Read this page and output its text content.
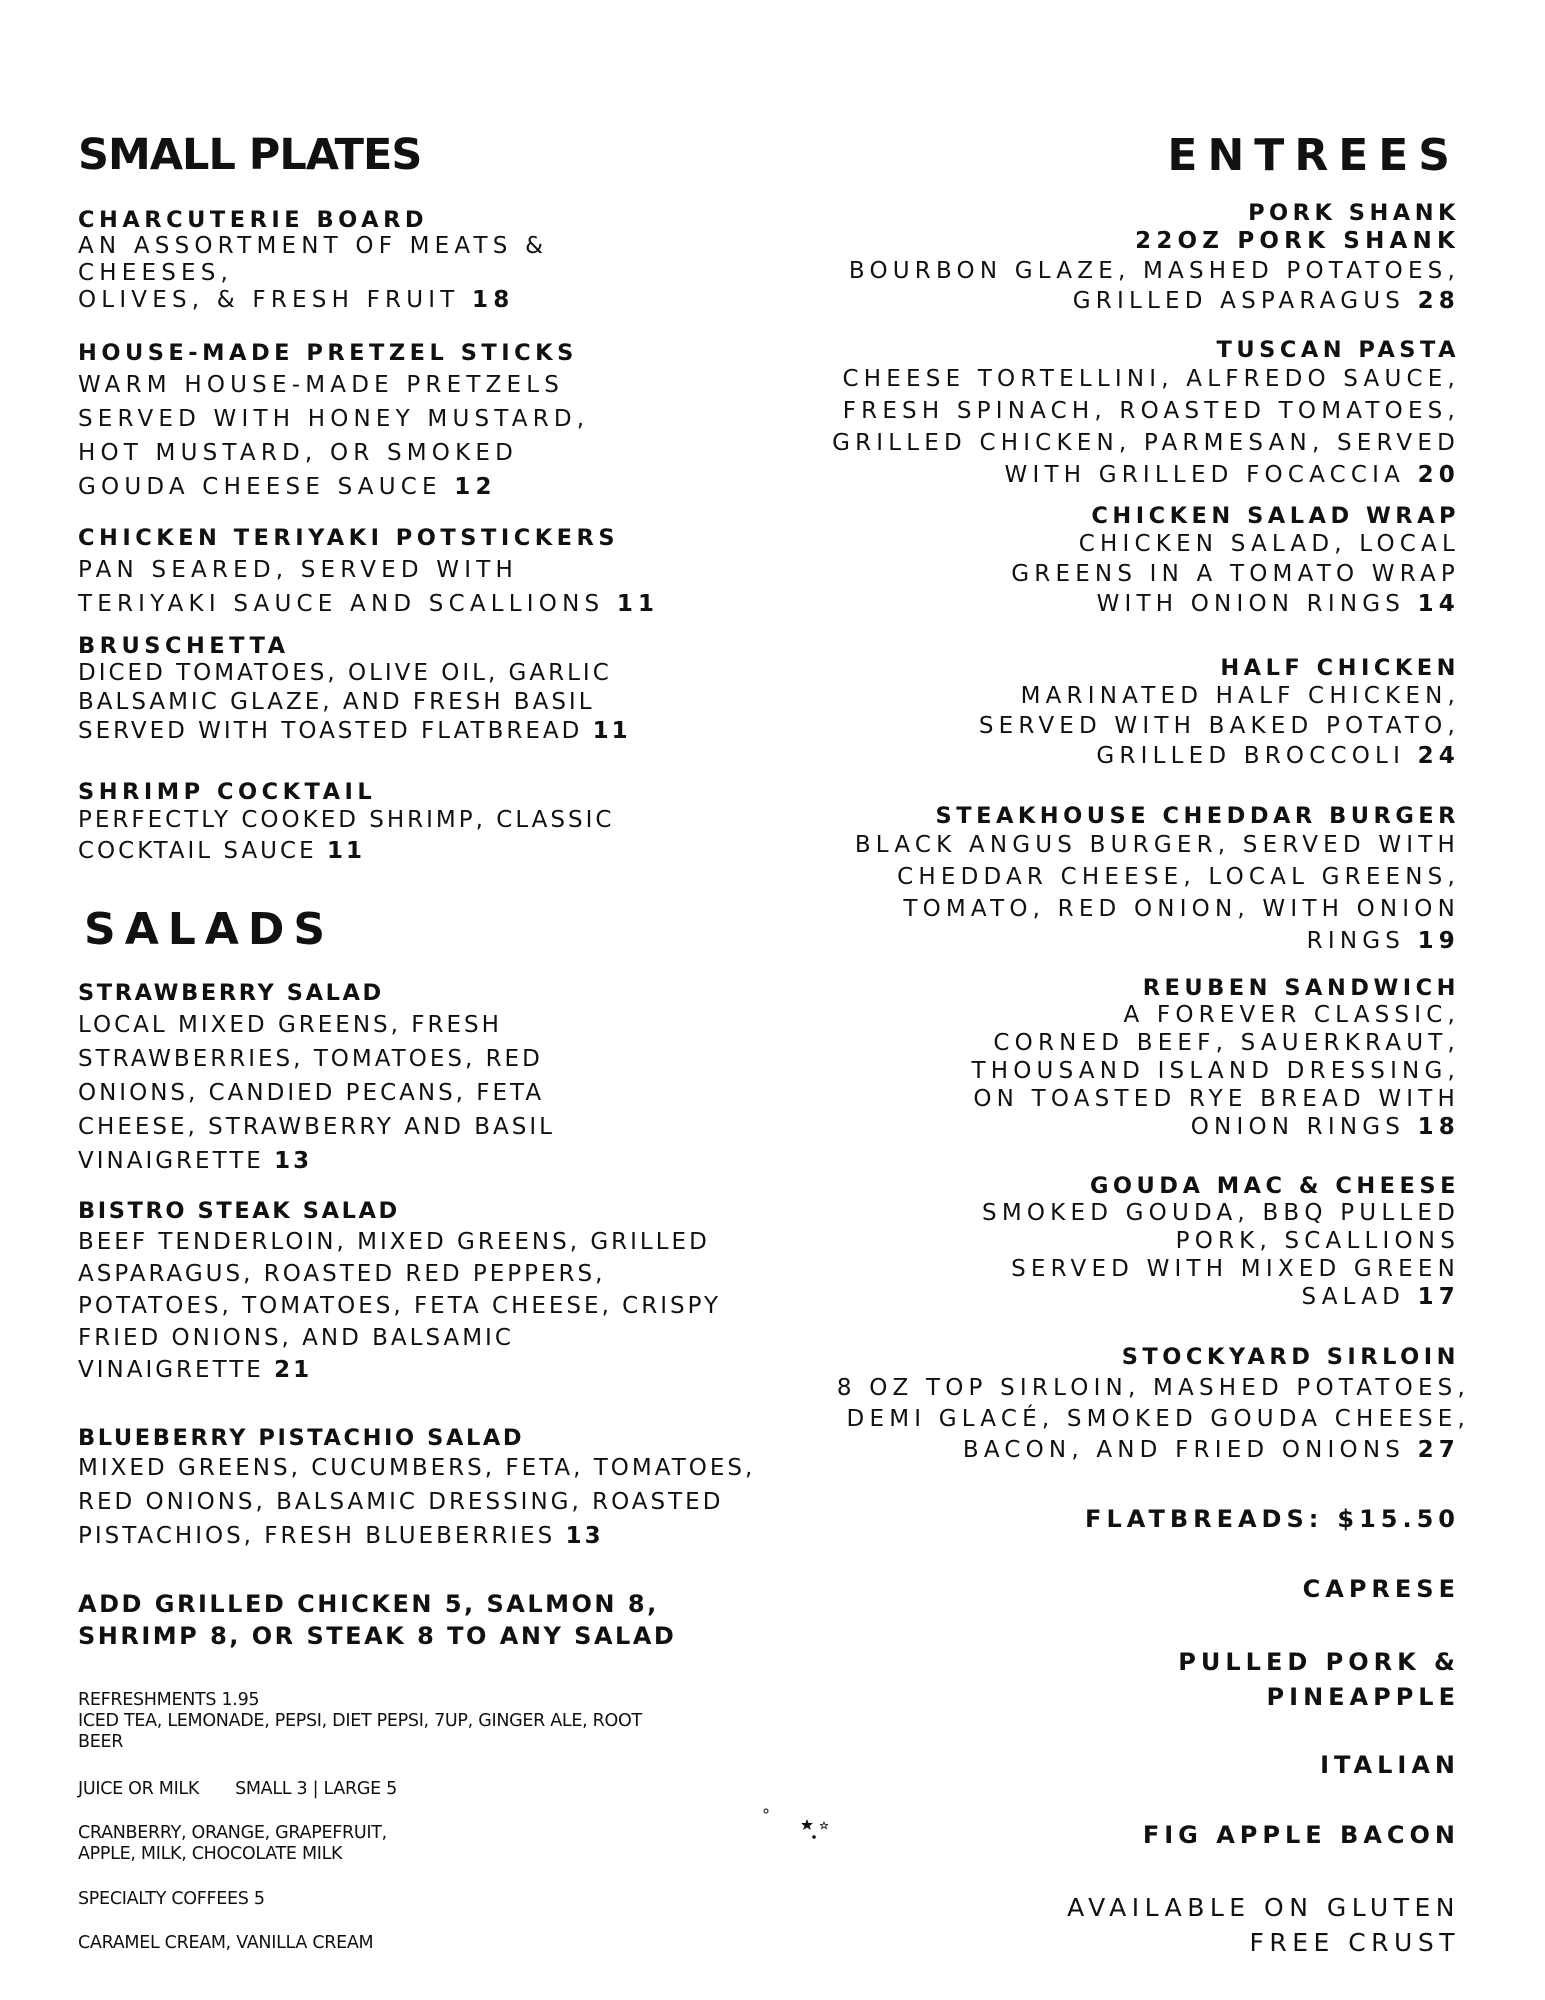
SMALL PLATES
CHARCUTERIE BOARD
AN ASSORTMENT OF MEATS &
CHEESES,
OLIVES, & FRESH FRUIT 18
HOUSE-MADE PRETZEL STICKS
WARM HOUSE-MADE PRETZELS
SERVED WITH HONEY MUSTARD,
HOT MUSTARD, OR SMOKED
GOUDA CHEESE SAUCE 12
CHICKEN TERIYAKI POTSTICKERS
PAN SEARED, SERVED WITH
TERIYAKI SAUCE AND SCALLIONS 11
BRUSCHETTA
DICED TOMATOES, OLIVE OIL, GARLIC
BALSAMIC GLAZE, AND FRESH BASIL
SERVED WITH TOASTED FLATBREAD 11
SHRIMP COCKTAIL
PERFECTLY COOKED SHRIMP, CLASSIC
COCKTAIL SAUCE 11
SALADS
STRAWBERRY SALAD
LOCAL MIXED GREENS, FRESH
STRAWBERRIES, TOMATOES, RED
ONIONS, CANDIED PECANS, FETA
CHEESE, STRAWBERRY AND BASIL
VINAIGRETTE 13
BISTRO STEAK SALAD
BEEF TENDERLOIN, MIXED GREENS, GRILLED
ASPARAGUS, ROASTED RED PEPPERS,
POTATOES, TOMATOES, FETA CHEESE, CRISPY
FRIED ONIONS, AND BALSAMIC
VINAIGRETTE 21
BLUEBERRY PISTACHIO SALAD
MIXED GREENS, CUCUMBERS, FETA, TOMATOES,
RED ONIONS, BALSAMIC DRESSING, ROASTED
PISTACHIOS, FRESH BLUEBERRIES 13
ADD GRILLED CHICKEN 5, SALMON 8,
SHRIMP 8, OR STEAK 8 TO ANY SALAD
REFRESHMENTS 1.95
ICED TEA, LEMONADE, PEPSI, DIET PEPSI, 7UP, GINGER ALE, ROOT
BEER
JUICE OR MILK SMALL 3 | LARGE 5
CRANBERRY, ORANGE, GRAPEFRUIT,
APPLE, MILK, CHOCOLATE MILK
SPECIALTY COFFEES 5
CARAMEL CREAM, VANILLA CREAM
ENTREES
PORK SHANK
22OZ PORK SHANK
BOURBON GLAZE, MASHED POTATOES,
GRILLED ASPARAGUS 28
TUSCAN PASTA
CHEESE TORTELLINI, ALFREDO SAUCE,
FRESH SPINACH, ROASTED TOMATOES,
GRILLED CHICKEN, PARMESAN, SERVED
WITH GRILLED FOCACCIA 20
CHICKEN SALAD WRAP
CHICKEN SALAD, LOCAL
GREENS IN A TOMATO WRAP
WITH ONION RINGS 14
HALF CHICKEN
MARINATED HALF CHICKEN,
SERVED WITH BAKED POTATO,
GRILLED BROCCOLI 24
STEAKHOUSE CHEDDAR BURGER
BLACK ANGUS BURGER, SERVED WITH
CHEDDAR CHEESE, LOCAL GREENS,
TOMATO, RED ONION, WITH ONION
RINGS 19
REUBEN SANDWICH
A FOREVER CLASSIC,
CORNED BEEF, SAUERKRAUT,
THOUSAND ISLAND DRESSING,
ON TOASTED RYE BREAD WITH
ONION RINGS 18
GOUDA MAC & CHEESE
SMOKED GOUDA, BBQ PULLED
PORK, SCALLIONS
SERVED WITH MIXED GREEN
SALAD 17
STOCKYARD SIRLOIN
8 OZ TOP SIRLOIN, MASHED POTATOES,
DEMI GLACÉ, SMOKED GOUDA CHEESE,
BACON, AND FRIED ONIONS 27
FLATBREADS: $15.50
CAPRESE
PULLED PORK &
PINEAPPLE
ITALIAN
FIG APPLE BACON
AVAILABLE ON GLUTEN
FREE CRUST
